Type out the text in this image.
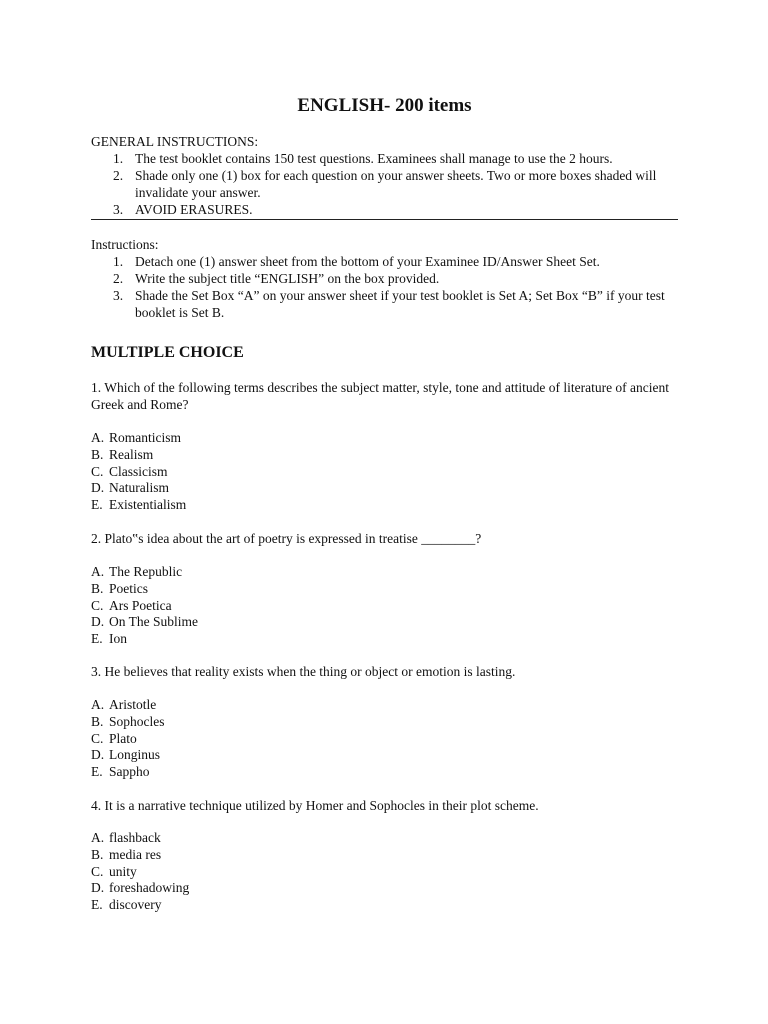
ENGLISH- 200 items
GENERAL INSTRUCTIONS:
1. The test booklet contains 150 test questions. Examinees shall manage to use the 2 hours.
2. Shade only one (1) box for each question on your answer sheets. Two or more boxes shaded will invalidate your answer.
3. AVOID ERASURES.
Instructions:
1. Detach one (1) answer sheet from the bottom of your Examinee ID/Answer Sheet Set.
2. Write the subject title “ENGLISH” on the box provided.
3. Shade the Set Box “A” on your answer sheet if your test booklet is Set A; Set Box “B” if your test booklet is Set B.
MULTIPLE CHOICE
1. Which of the following terms describes the subject matter, style, tone and attitude of literature of ancient Greek and Rome?
A. Romanticism
B. Realism
C. Classicism
D. Naturalism
E. Existentialism
2. Plato‟s idea about the art of poetry is expressed in treatise ________?
A. The Republic
B. Poetics
C. Ars Poetica
D. On The Sublime
E. Ion
3. He believes that reality exists when the thing or object or emotion is lasting.
A. Aristotle
B. Sophocles
C. Plato
D. Longinus
E. Sappho
4. It is a narrative technique utilized by Homer and Sophocles in their plot scheme.
A. flashback
B. media res
C. unity
D. foreshadowing
E. discovery
